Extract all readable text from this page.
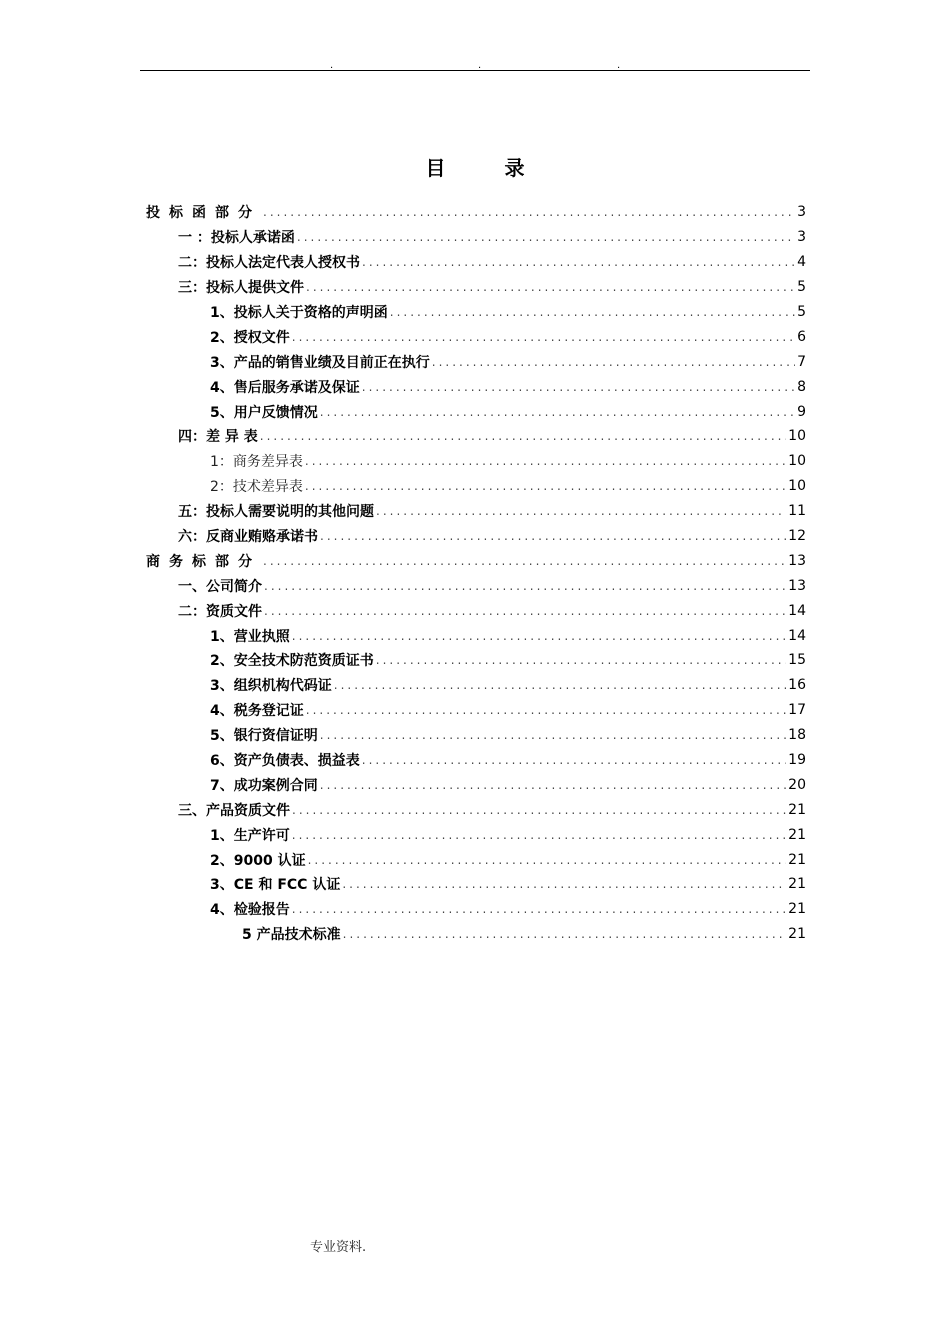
.	.	.
目 录
投标函部分 .....	3
一 ：投标人承诺函 .....	3
二：投标人法定代表人授权书 .....	4
三：投标人提供文件 .....	5
1、投标人关于资格的声明函 .....	5
2、授权文件 .....	6
3、产品的销售业绩及目前正在执行 .....	7
4、售后服务承诺及保证 .....	8
5、用户反馈情况 .....	9
四：差 异 表 .....	10
1：商务差异表 .....	10
2：技术差异表 .....	10
五：投标人需要说明的其他问题 .....	11
六：反商业贿赂承诺书 .....	12
商务标部分 .....	13
一、公司简介 .....	13
二：资质文件 .....	14
1、营业执照 .....	14
2、安全技术防范资质证书 .....	15
3、组织机构代码证 .....	16
4、税务登记证 .....	17
5、银行资信证明 .....	18
6、资产负债表、损益表 .....	19
7、成功案例合同 .....	20
三、产品资质文件 .....	21
1、生产许可 .....	21
2、9000 认证 .....	21
3、CE 和 FCC 认证 .....	21
4、检验报告 .....	21
5 产品技术标准 .....	21
专业资料.
